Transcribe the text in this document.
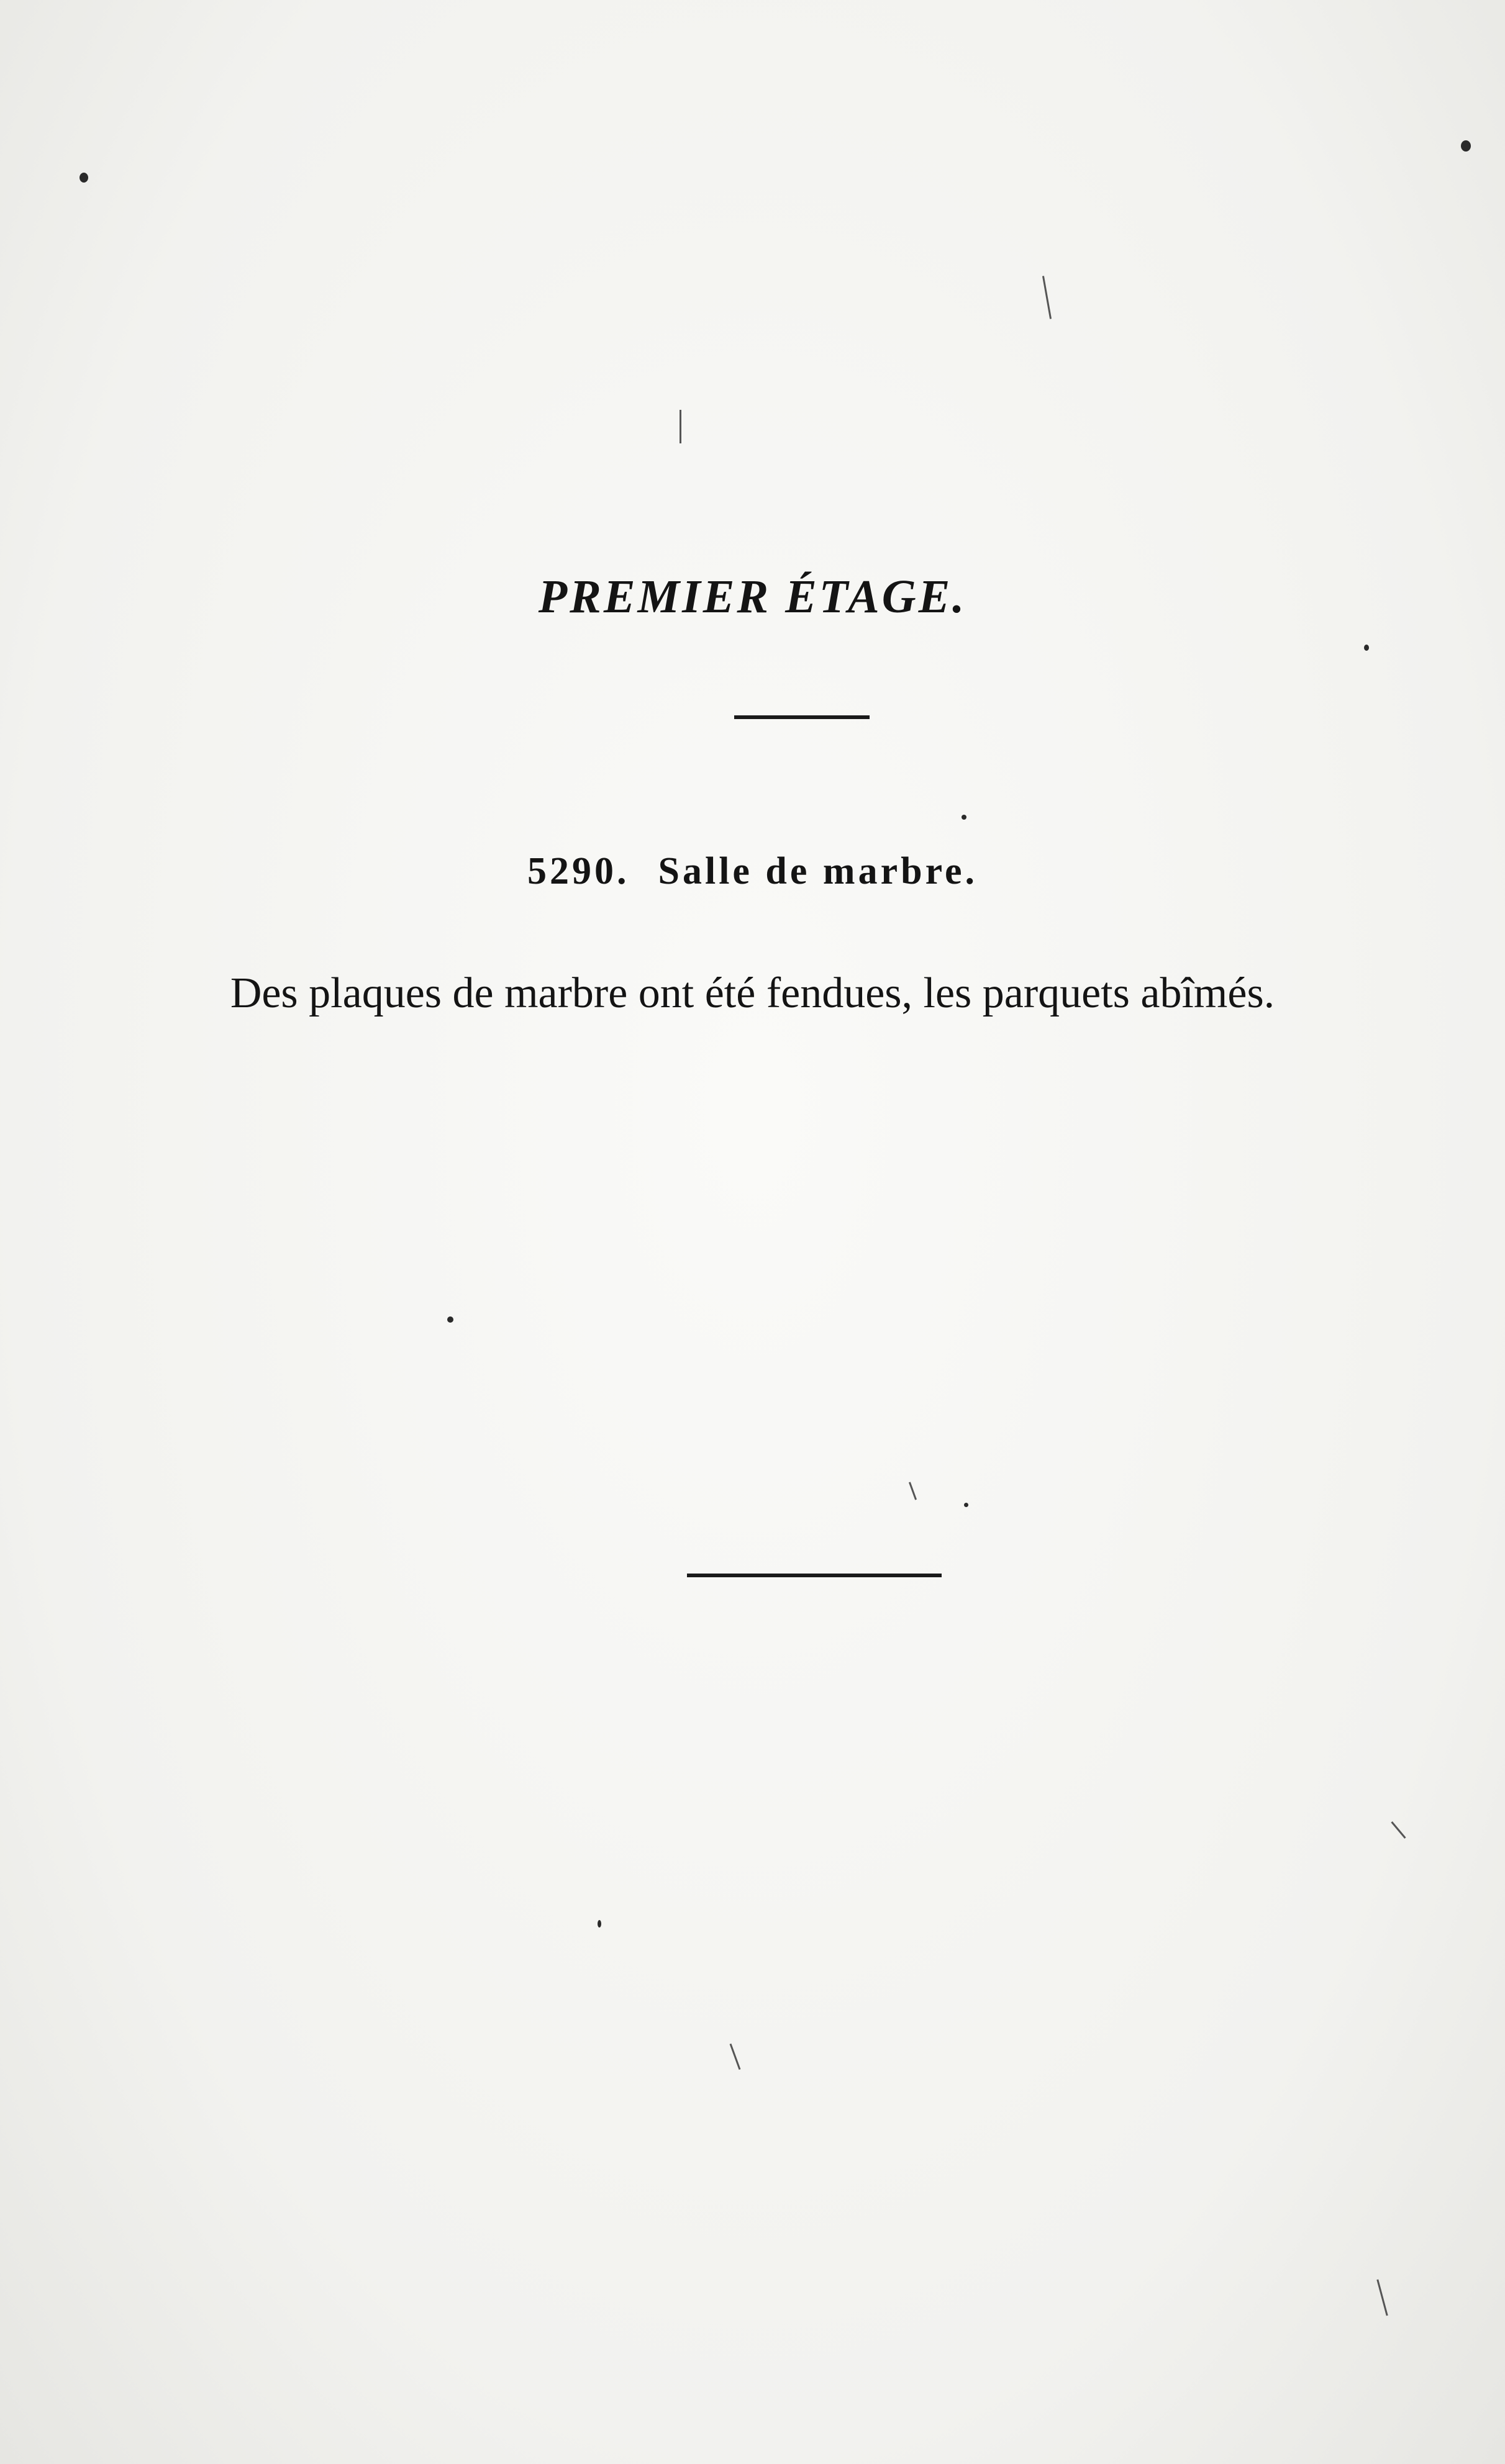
PREMIER ÉTAGE.
5290. Salle de marbre.

Des plaques de marbre ont été fendues, les parquets abîmés.
